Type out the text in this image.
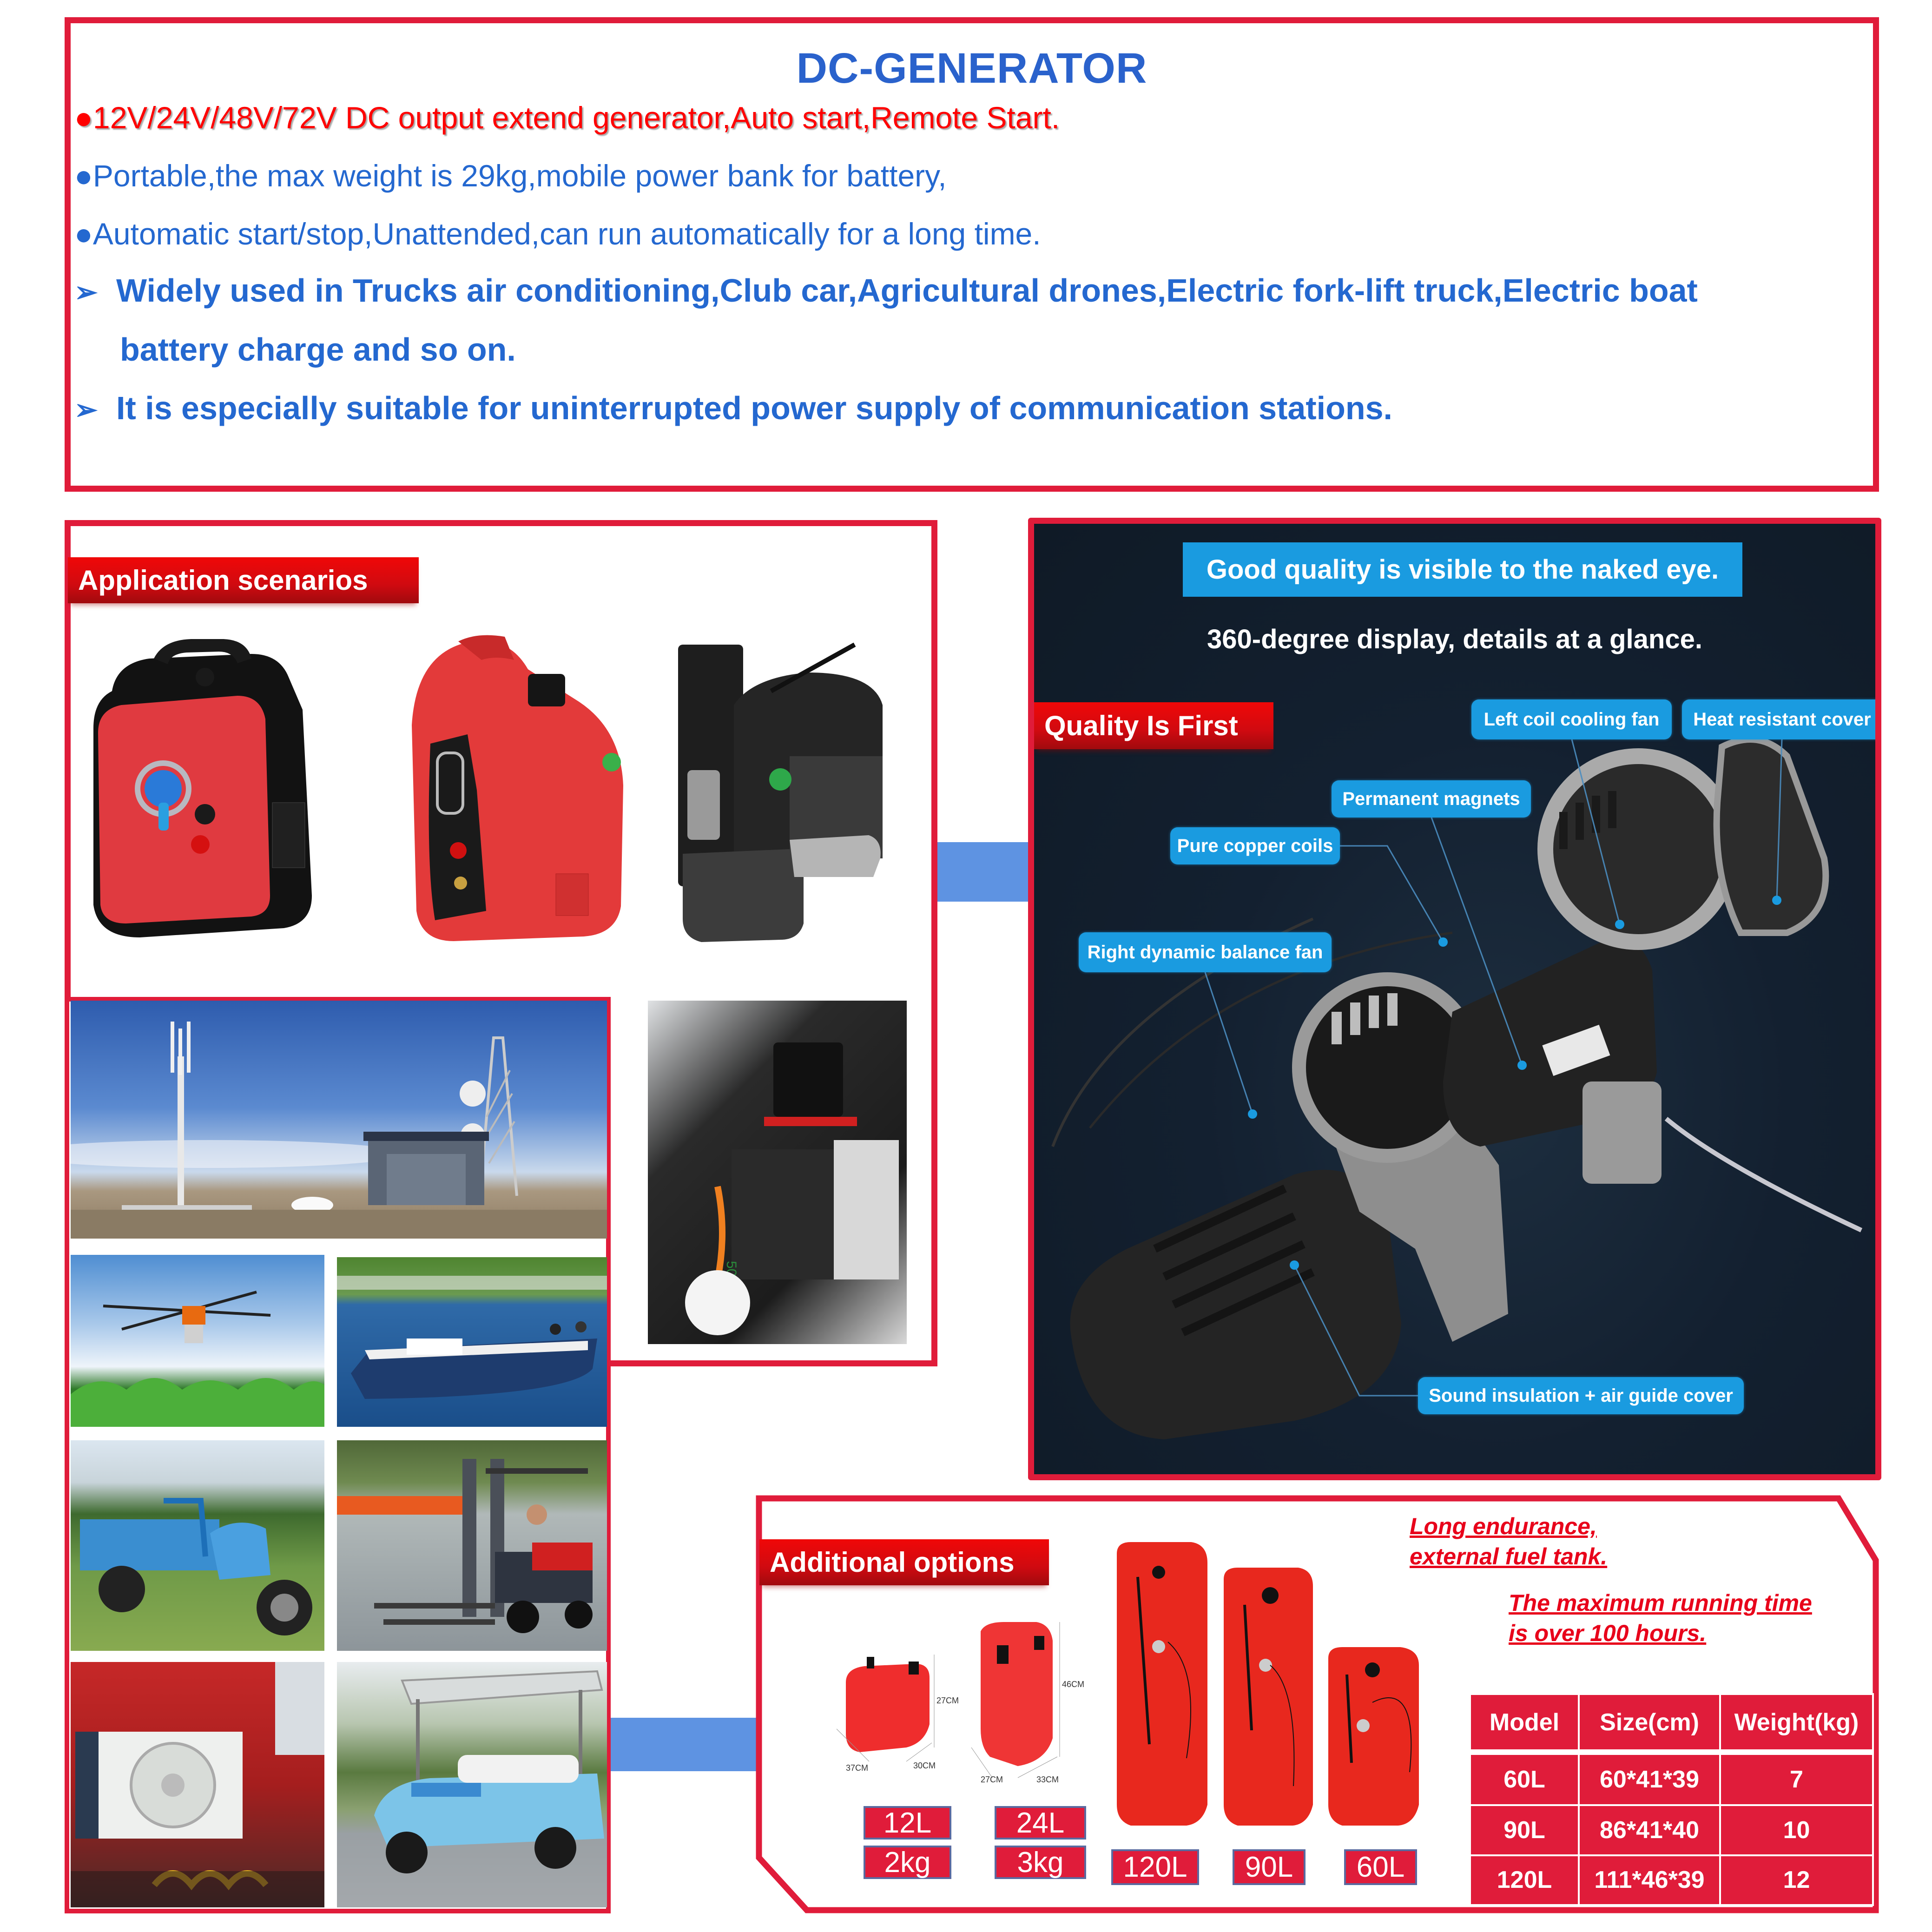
DC-GENERATOR
●12V/24V/48V/72V DC output extend generator,Auto start,Remote Start.
●Portable,the max weight is 29kg,mobile power bank for battery,
●Automatic start/stop,Unattended,can run automatically for a long time.
➢ Widely used in Trucks air conditioning,Club car,Agricultural drones,Electric fork-lift truck,Electric boat
battery charge and so on.
➢ It is especially suitable for uninterrupted power supply of communication stations.
Application scenarios	Good quality is visible to the naked eye.
360-degree display, details at a glance.
Quality Is First	Left coil cooling fan	Heat resistant cover
Permanent magnets
Pure copper coils
Right dynamic balance fan
Sound insulation + air guide cover
Additional options
Long endurance,
external fuel tank.
The maximum running time
is over 100 hours.
27CM
37CM	30CM
46CM
27CM	33CM
12L
2kg
24L
3kg	120L	90L	60L
Model	Size(cm)	Weight(kg)
60L	60*41*39	7
90L	86*41*40	10
120L	111*46*39	12
